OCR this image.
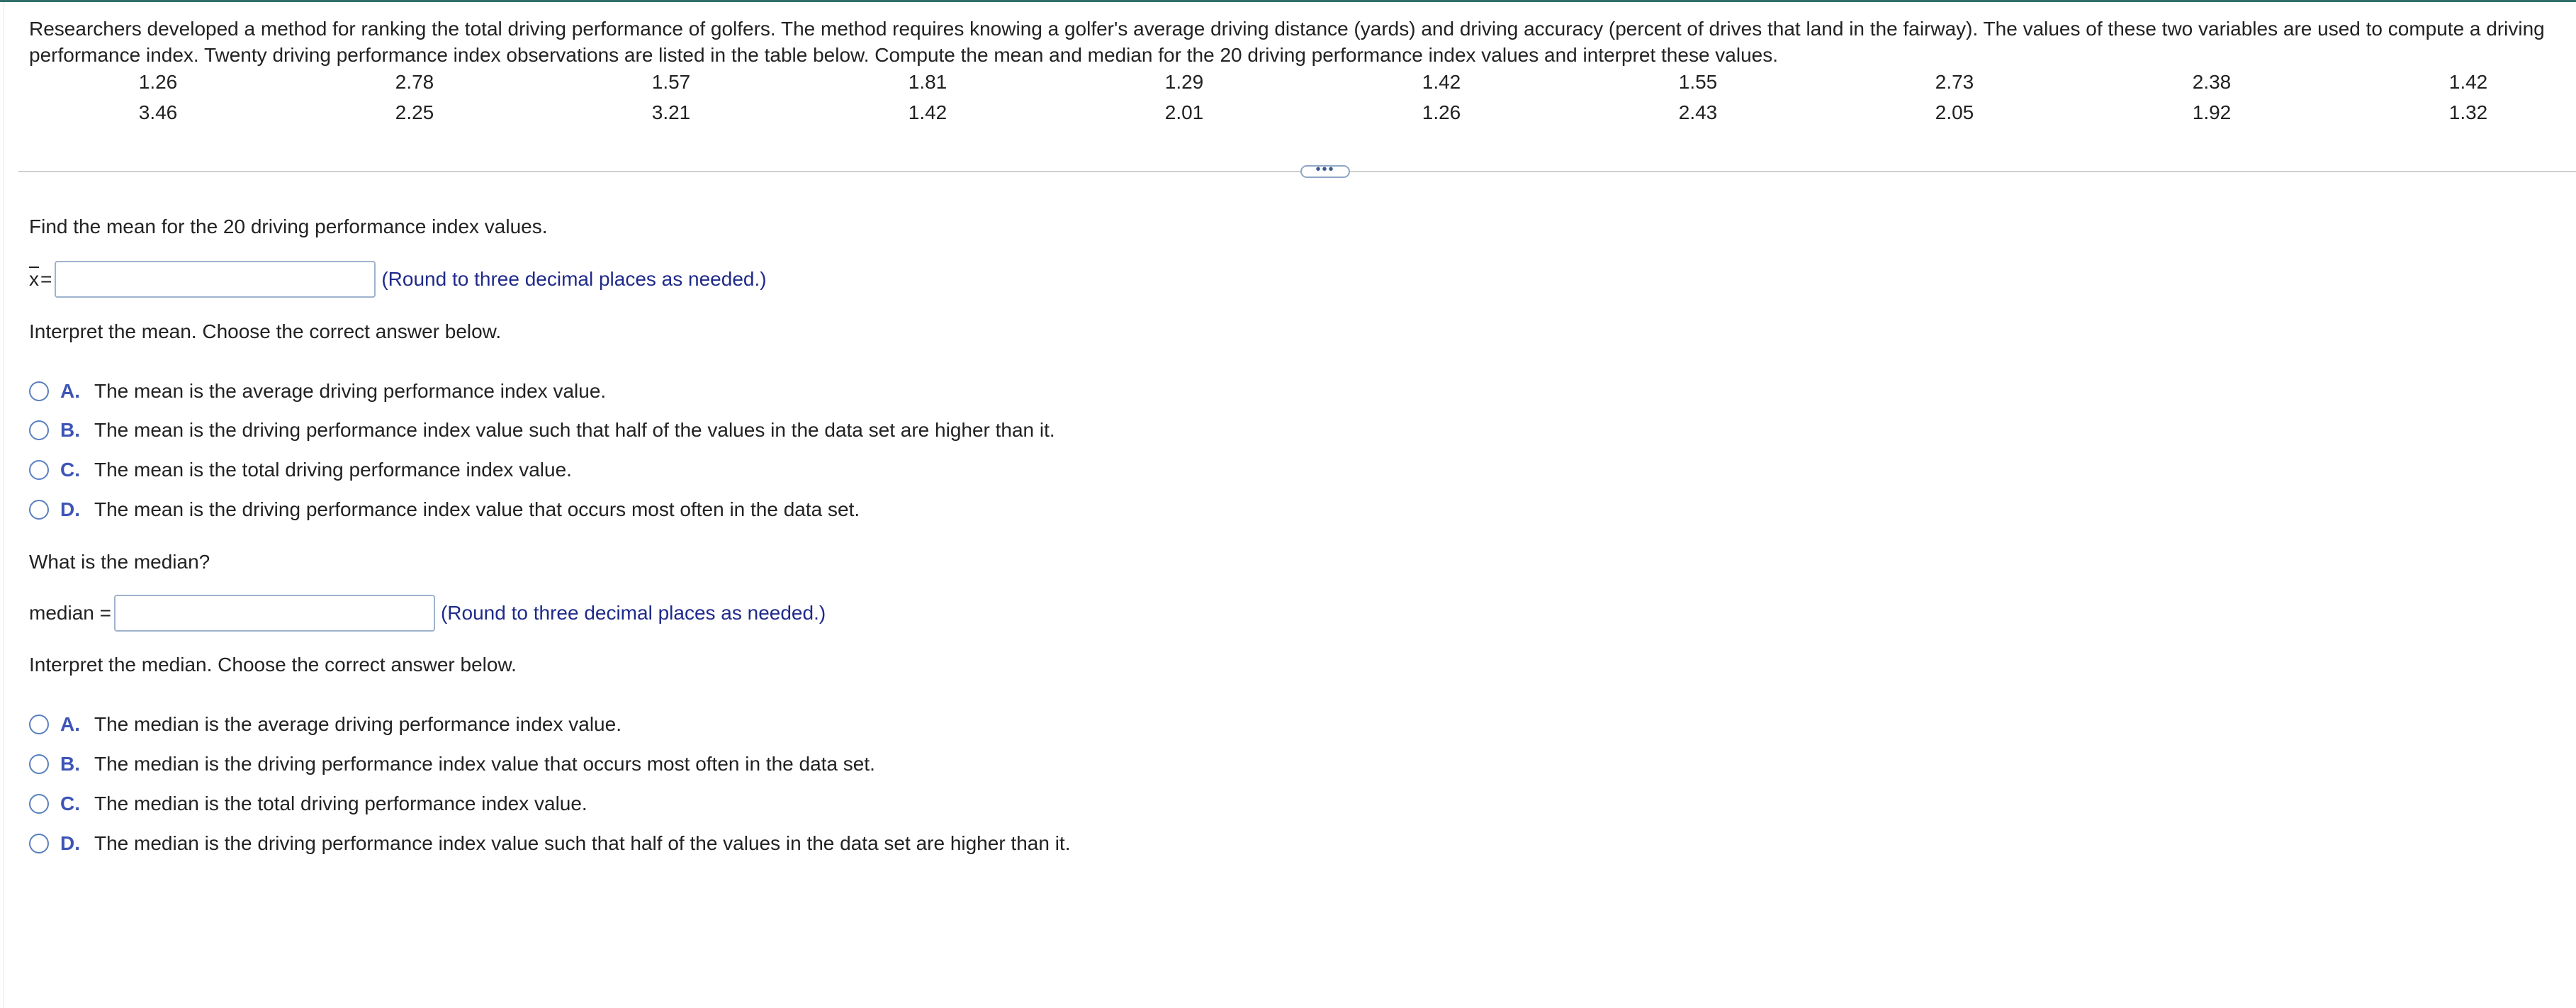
Researchers developed a method for ranking the total driving performance of golfers. The method requires knowing a golfer's average driving distance (yards) and driving accuracy (percent of drives that land in the fairway). The values of these two variables are used to compute a driving performance index. Twenty driving performance index observations are listed in the table below. Compute the mean and median for the 20 driving performance index values and interpret these values.
1.26	2.78	1.57	1.81	1.29	1.42	1.55	2.73	2.38	1.42
3.46	2.25	3.21	1.42	2.01	1.26	2.43	2.05	1.92	1.32
•••
Find the mean for the 20 driving performance index values.
$\overline{x}$ =	(Round to three decimal places as needed.)
Interpret the mean. Choose the correct answer below.
A. The mean is the average driving performance index value.
B. The mean is the driving performance index value such that half of the values in the data set are higher than it.
C. The mean is the total driving performance index value.
D. The mean is the driving performance index value that occurs most often in the data set.
What is the median?
median =	(Round to three decimal places as needed.)
Interpret the median. Choose the correct answer below.
A. The median is the average driving performance index value.
B. The median is the driving performance index value that occurs most often in the data set.
C. The median is the total driving performance index value.
D. The median is the driving performance index value such that half of the values in the data set are higher than it.
